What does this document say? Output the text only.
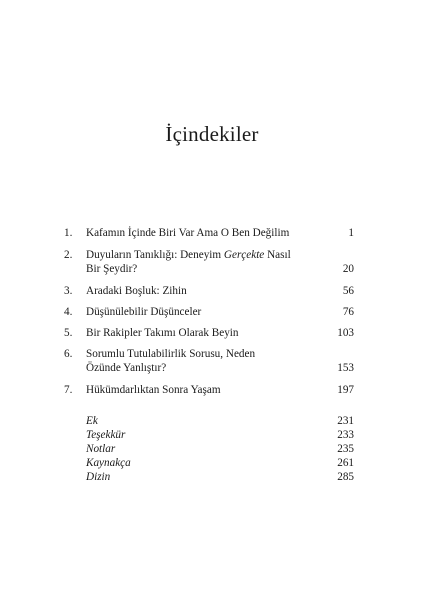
İçindekiler
1.	Kafamın İçinde Biri Var Ama O Ben Değilim	1
2.	Duyuların Tanıklığı: Deneyim Gerçekte Nasıl
Bir Şeydir?	20
3.	Aradaki Boşluk: Zihin	56
4.	Düşünülebilir Düşünceler	76
5.	Bir Rakipler Takımı Olarak Beyin	103
6.	Sorumlu Tutulabilirlik Sorusu, Neden
Özünde Yanlıştır?	153
7.	Hükümdarlıktan Sonra Yaşam	197
Ek	231
Teşekkür	233
Notlar	235
Kaynakça	261
Dizin	285
